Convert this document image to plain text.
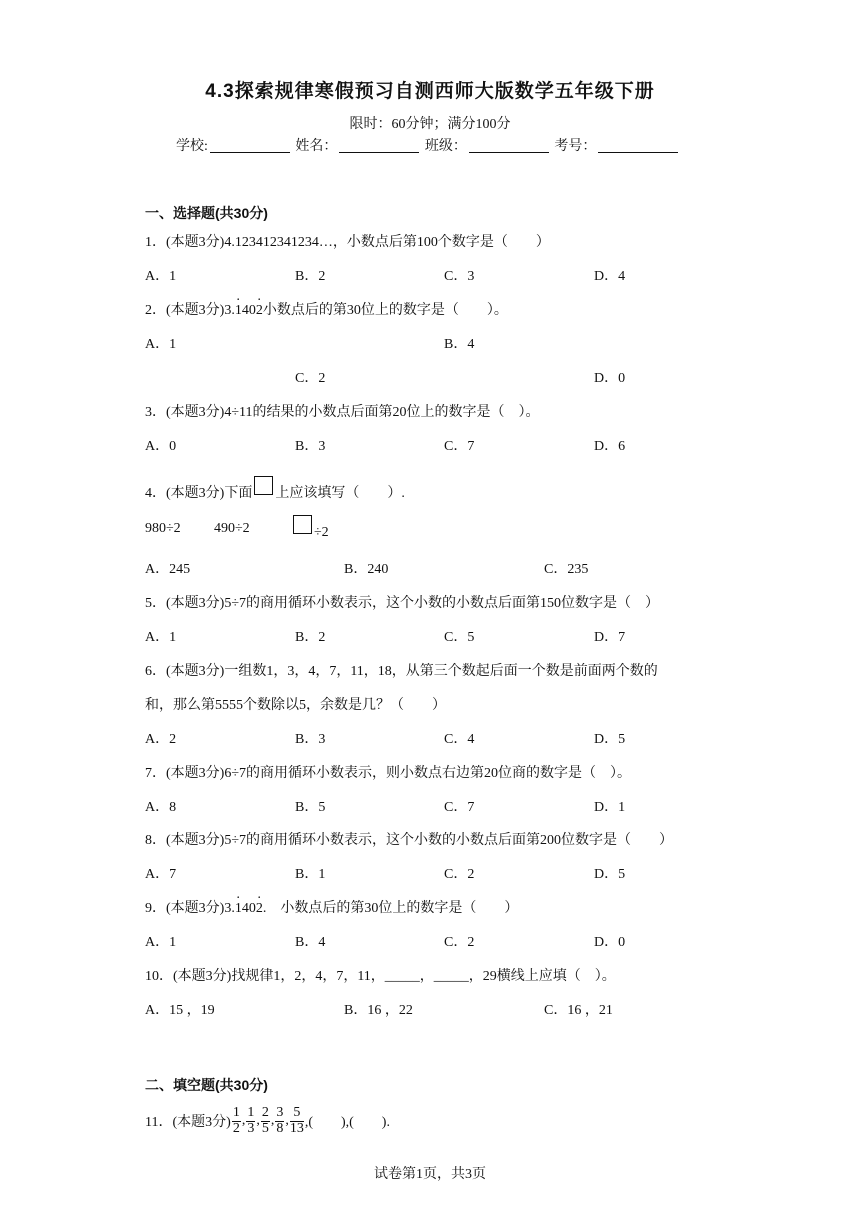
4.3探索规律寒假预习自测西师大版数学五年级下册
限时：60分钟；满分100分
学校:	姓名：	班级：	考号：
一、选择题(共30分)
1．(本题3分)4.123412341234…，小数点后第100个数字是（　　）
A．1	B．2	C．3	D．4
2．(本题3分)3.· 140· 2小数点后的第30位上的数字是（　　）。
A．1	B．4
C．2	D．0
3．(本题3分)4÷11的结果的小数点后面第20位上的数字是（　）。
A．0	B．3	C．7	D．6
4．(本题3分)下面 上应该填写（　　）.
980÷2 490÷2	÷2
A．245	B．240	C．235
5．(本题3分)5÷7的商用循环小数表示，这个小数的小数点后面第150位数字是（　）
A．1	B．2	C．5	D．7
6．(本题3分)一组数1，3，4，7，11，18，从第三个数起后面一个数是前面两个数的
和，那么第5555个数除以5，余数是几？（　　）
A．2	B．3	C．4	D．5
7．(本题3分)6÷7的商用循环小数表示，则小数点右边第20位商的数字是（　）。
A．8	B．5	C．7	D．1
8．(本题3分)5÷7的商用循环小数表示，这个小数的小数点后面第200位数字是（　　）
A．7	B．1	C．2	D．5
9．(本题3分)3.· 140· 2.　小数点后的第30位上的数字是（　　）
A．1	B．4	C．2	D．0
10．(本题3分)找规律1，2，4，7，11，_____，_____，29横线上应填（　）。
A．15 ，19	B．16 ，22	C．16 ，21
二、填空题(共30分)
11．(本题3分) $\frac{1}{2}$ , $\frac{1}{3}$ , $\frac{2}{5}$ , $\frac{3}{8}$ , $\frac{5}{13}$ ,(　　),(　　).
试卷第1页，共3页
